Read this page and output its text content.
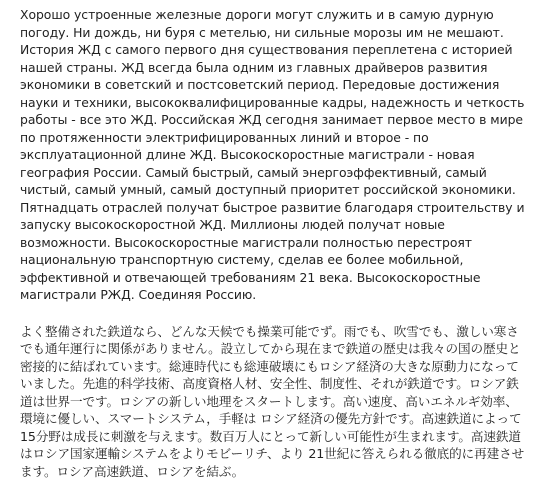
Хорошо устроенные железные дороги могут служить и в самую дурную погоду. Ни дождь, ни буря с метелью, ни сильные морозы им не мешают. История ЖД с самого первого дня существования переплетена с историей нашей страны. ЖД всегда была одним из главных драйверов развития экономики в советский и постсоветский период. Передовые достижения науки и техники, высококвалифицированные кадры, надежность и четкость работы - все это ЖД. Российская ЖД сегодня занимает первое место в мире по протяженности электрифицированных линий и второе - по эксплуатационной длине ЖД. Высокоскоростные магистрали - новая география России. Самый быстрый, самый энергоэффективный, самый чистый, самый умный, самый доступный приоритет российской экономики. Пятнадцать отраслей получат быстрое развитие благодаря строительству и запуску высокоскоростной ЖД. Миллионы людей получат новые возможности. Высокоскоростные магистрали полностью перестроят национальную транспортную систему, сделав ее более мобильной, эффективной и отвечающей требованиям 21 века. Высокоскоростные магистрали РЖД. Соединяя Россию.

よく整備された鉄道なら、どんな天候でも操業可能でず。雨でも、吹雪でも、激しい寒さでも通年運行に関係がありません。設立してから現在まで鉄道の歴史は我々の国の歴史と密接的に結ばれています。総連時代にも総連破壊にもロシア経済の大きな原動力になっていました。先進的科学技術、高度資格人材、安全性、制度性、それが鉄道です。ロシア鉄道は世界一です。ロシアの新しい地理をスタートします。高い速度、高いエネルギ効率、環境に優しい、スマートシステム，手軽は ロシア経済の優先方針です。高速鉄道によって 15分野は成長に刺激を与えます。数百万人にとって新しい可能性が生まれます。高速鉄道はロシア国家運輸システムをよりモビーリチ、より 21世紀に答えられる徹底的に再建させます。ロシア高速鉄道、ロシアを結ぶ。
